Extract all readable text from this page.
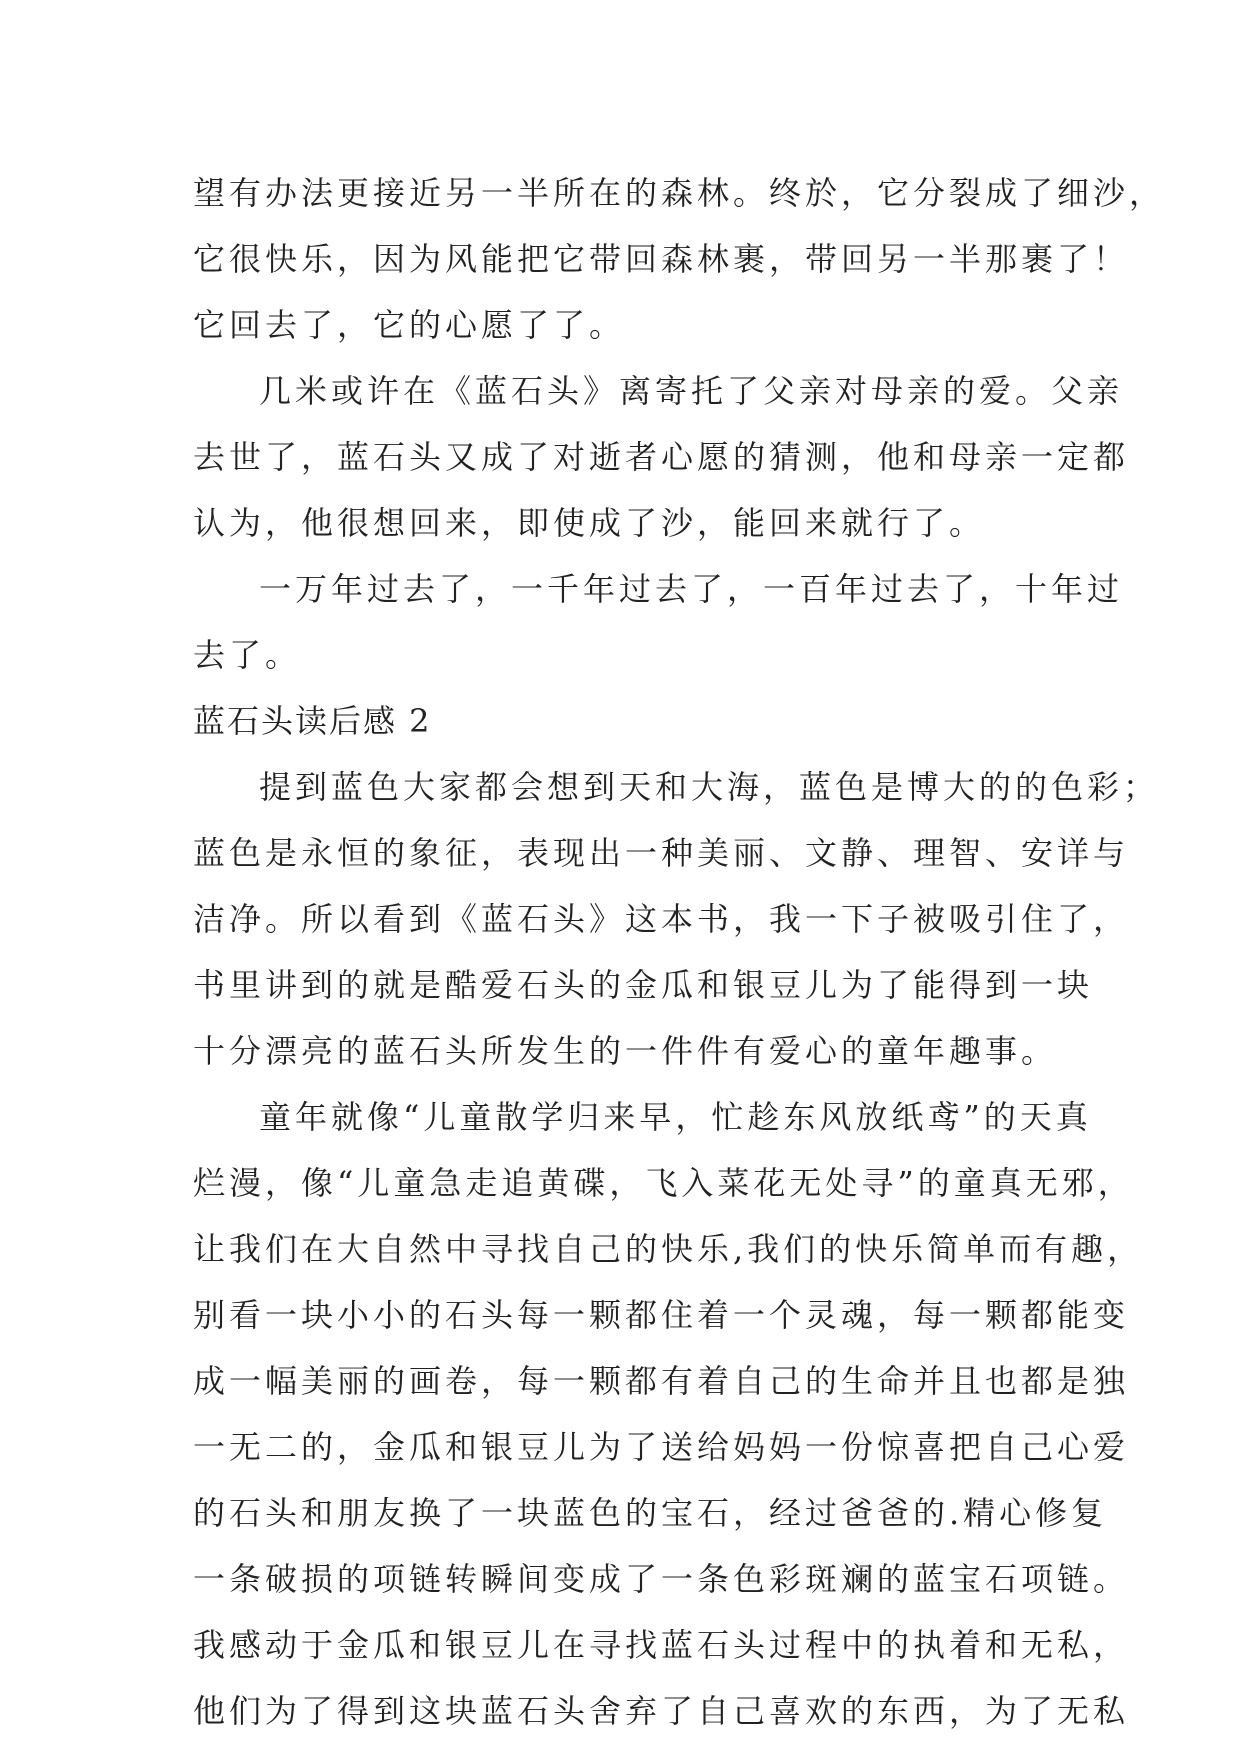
望有办法更接近另一半所在的森林。终於，它分裂成了细沙，
它很快乐，因为风能把它带回森林裹，带回另一半那裹了！
它回去了，它的心愿了了。
几米或许在《蓝石头》离寄托了父亲对母亲的爱。父亲
去世了，蓝石头又成了对逝者心愿的猜测，他和母亲一定都
认为，他很想回来，即使成了沙，能回来就行了。
一万年过去了，一千年过去了，一百年过去了，十年过
去了。
蓝石头读后感 2
提到蓝色大家都会想到天和大海，蓝色是博大的的色彩；
蓝色是永恒的象征，表现出一种美丽、文静、理智、安详与
洁净。所以看到《蓝石头》这本书，我一下子被吸引住了，
书里讲到的就是酷爱石头的金瓜和银豆儿为了能得到一块
十分漂亮的蓝石头所发生的一件件有爱心的童年趣事。
童年就像“儿童散学归来早，忙趁东风放纸鸢”的天真
烂漫，像“儿童急走追黄碟，飞入菜花无处寻”的童真无邪，
让我们在大自然中寻找自己的快乐,我们的快乐简单而有趣，
别看一块小小的石头每一颗都住着一个灵魂，每一颗都能变
成一幅美丽的画卷，每一颗都有着自己的生命并且也都是独
一无二的，金瓜和银豆儿为了送给妈妈一份惊喜把自己心爱
的石头和朋友换了一块蓝色的宝石，经过爸爸的.精心修复
一条破损的项链转瞬间变成了一条色彩斑斓的蓝宝石项链。
我感动于金瓜和银豆儿在寻找蓝石头过程中的执着和无私，
他们为了得到这块蓝石头舍弃了自己喜欢的东西，为了无私
